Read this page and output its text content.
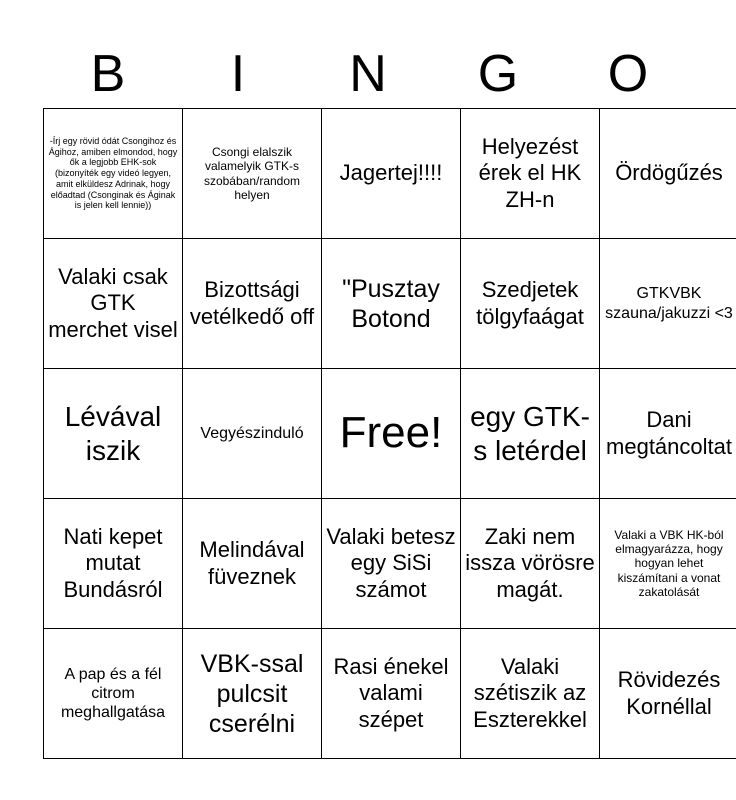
B	I	N	G	O
-Írj egy rövid ódát Csongihoz és Ágihoz, amiben elmondod, hogy ők a legjobb EHK-sok (bizonyíték egy videó legyen, amit elküldesz Adrinak, hogy előadtad (Csonginak és Áginak is jelen kell lennie))	Csongi elalszik valamelyik GTK-s szobában/random helyen	Jagertej!!!!	Helyezést érek el HK ZH-n	Ördögűzés
Valaki csak GTK merchet visel	Bizottsági vetélkedő off	"Pusztay Botond	Szedjetek tölgyfaágat	GTKVBK szauna/jakuzzi <3
Lévával iszik	Vegyészinduló	Free!	egy GTK-s letérdel	Dani megtáncoltat
Nati kepet mutat Bundásról	Melindával füveznek	Valaki betesz egy SiSi számot	Zaki nem issza vörösre magát.	Valaki a VBK HK-ból elmagyarázza, hogy hogyan lehet kiszámítani a vonat zakatolását
A pap és a fél citrom meghallgatása	VBK-ssal pulcsit cserélni	Rasi énekel valami szépet	Valaki szétiszik az Eszterekkel	Rövidezés Kornéllal
